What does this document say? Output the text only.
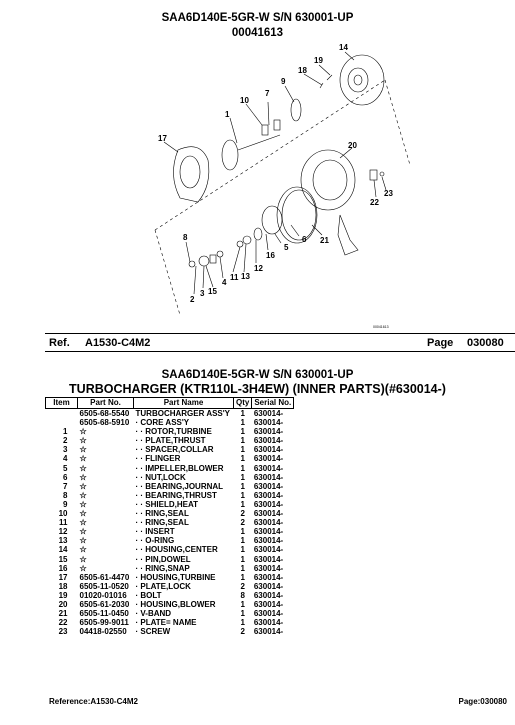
SAA6D140E-5GR-W S/N 630001-UP
00041613
1
2
3
4
5
6
7
8
9
10
11
12
13
14
15
16
17
18
19
20
21
22
23
00041613
Ref. A1530-C4M2	Page 030080
SAA6D140E-5GR-W S/N 630001-UP
TURBOCHARGER (KTR110L-3H4EW) (INNER PARTS)(#630014-)
Item	Part No.	Part Name	Qty	Serial No.
	6505-68-5540	TURBOCHARGER ASS'Y	1	630014-
	6505-68-5910	· CORE ASS'Y	1	630014-
1	☆	· · ROTOR,TURBINE	1	630014-
2	☆	· · PLATE,THRUST	1	630014-
3	☆	· · SPACER,COLLAR	1	630014-
4	☆	· · FLINGER	1	630014-
5	☆	· · IMPELLER,BLOWER	1	630014-
6	☆	· · NUT,LOCK	1	630014-
7	☆	· · BEARING,JOURNAL	1	630014-
8	☆	· · BEARING,THRUST	1	630014-
9	☆	· · SHIELD,HEAT	1	630014-
10	☆	· · RING,SEAL	2	630014-
11	☆	· · RING,SEAL	2	630014-
12	☆	· · INSERT	1	630014-
13	☆	· · O-RING	1	630014-
14	☆	· · HOUSING,CENTER	1	630014-
15	☆	· · PIN,DOWEL	1	630014-
16	☆	· · RING,SNAP	1	630014-
17	6505-61-4470	· HOUSING,TURBINE	1	630014-
18	6505-11-0520	· PLATE,LOCK	2	630014-
19	01020-01016	· BOLT	8	630014-
20	6505-61-2030	· HOUSING,BLOWER	1	630014-
21	6505-11-0450	· V-BAND	1	630014-
22	6505-99-9011	· PLATE= NAME	1	630014-
23	04418-02550	· SCREW	2	630014-
Reference:A1530-C4M2	Page:030080
